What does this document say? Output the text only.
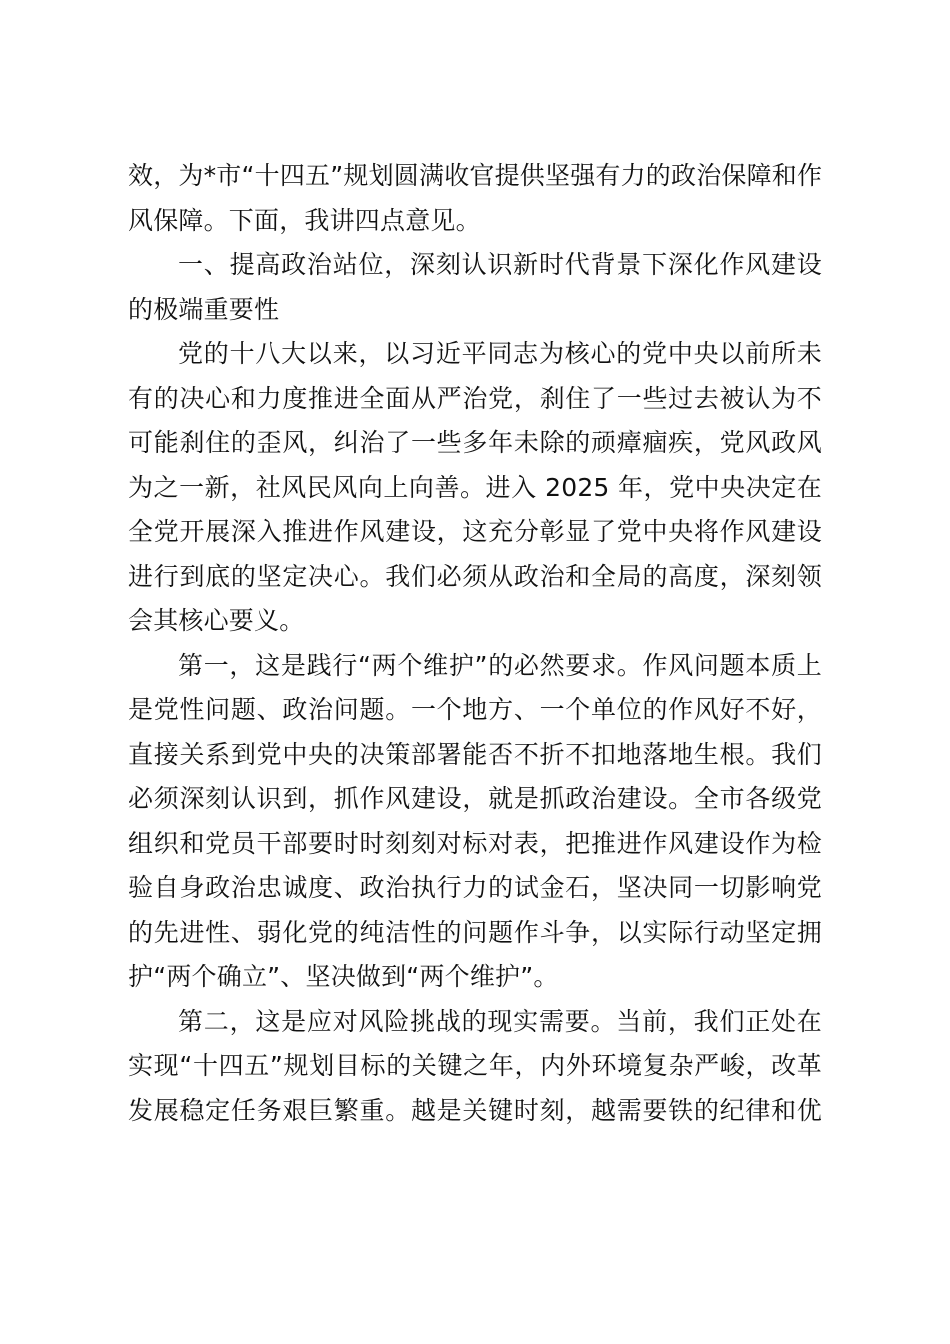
效，为*市“十四五”规划圆满收官提供坚强有力的政治保障和作
风保障。下面，我讲四点意见。
一、提高政治站位，深刻认识新时代背景下深化作风建设
的极端重要性
党的十八大以来，以习近平同志为核心的党中央以前所未
有的决心和力度推进全面从严治党，刹住了一些过去被认为不
可能刹住的歪风，纠治了一些多年未除的顽瘴痼疾，党风政风
为之一新，社风民风向上向善。进入 2025 年，党中央决定在
全党开展深入推进作风建设，这充分彰显了党中央将作风建设
进行到底的坚定决心。我们必须从政治和全局的高度，深刻领
会其核心要义。
第一，这是践行“两个维护”的必然要求。作风问题本质上
是党性问题、政治问题。一个地方、一个单位的作风好不好，
直接关系到党中央的决策部署能否不折不扣地落地生根。我们
必须深刻认识到，抓作风建设，就是抓政治建设。全市各级党
组织和党员干部要时时刻刻对标对表，把推进作风建设作为检
验自身政治忠诚度、政治执行力的试金石，坚决同一切影响党
的先进性、弱化党的纯洁性的问题作斗争，以实际行动坚定拥
护“两个确立”、坚决做到“两个维护”。
第二，这是应对风险挑战的现实需要。当前，我们正处在
实现“十四五”规划目标的关键之年，内外环境复杂严峻，改革
发展稳定任务艰巨繁重。越是关键时刻，越需要铁的纪律和优
